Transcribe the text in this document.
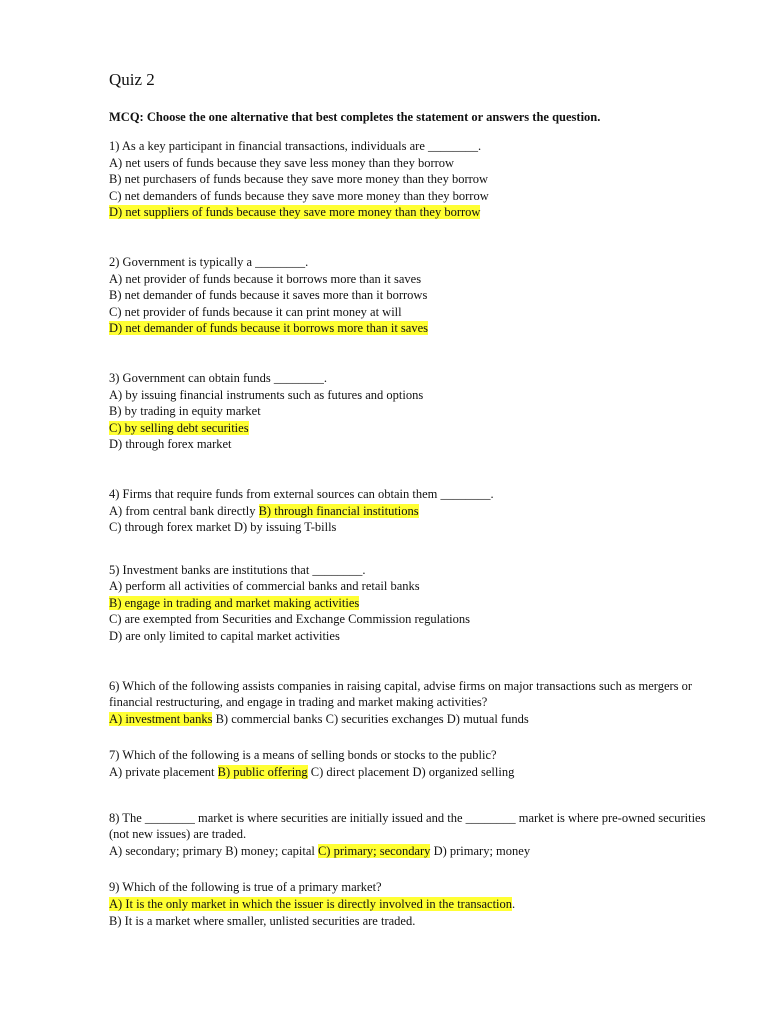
Quiz 2
MCQ: Choose the one alternative that best completes the statement or answers the question.
1) As a key participant in financial transactions, individuals are ________.
A) net users of funds because they save less money than they borrow
B) net purchasers of funds because they save more money than they borrow
C) net demanders of funds because they save more money than they borrow
D) net suppliers of funds because they save more money than they borrow
2) Government is typically a ________.
A) net provider of funds because it borrows more than it saves
B) net demander of funds because it saves more than it borrows
C) net provider of funds because it can print money at will
D) net demander of funds because it borrows more than it saves
3) Government can obtain funds ________.
A) by issuing financial instruments such as futures and options
B) by trading in equity market
C) by selling debt securities
D) through forex market
4) Firms that require funds from external sources can obtain them ________.
A) from central bank directly B) through financial institutions
C) through forex market D) by issuing T-bills
5) Investment banks are institutions that ________.
A) perform all activities of commercial banks and retail banks
B) engage in trading and market making activities
C) are exempted from Securities and Exchange Commission regulations
D) are only limited to capital market activities
6) Which of the following assists companies in raising capital, advise firms on major transactions such as mergers or financial restructuring, and engage in trading and market making activities?
A) investment banks B) commercial banks C) securities exchanges D) mutual funds
7) Which of the following is a means of selling bonds or stocks to the public?
A) private placement B) public offering C) direct placement D) organized selling
8) The ________ market is where securities are initially issued and the ________ market is where pre-owned securities (not new issues) are traded.
A) secondary; primary B) money; capital C) primary; secondary D) primary; money
9) Which of the following is true of a primary market?
A) It is the only market in which the issuer is directly involved in the transaction.
B) It is a market where smaller, unlisted securities are traded.
